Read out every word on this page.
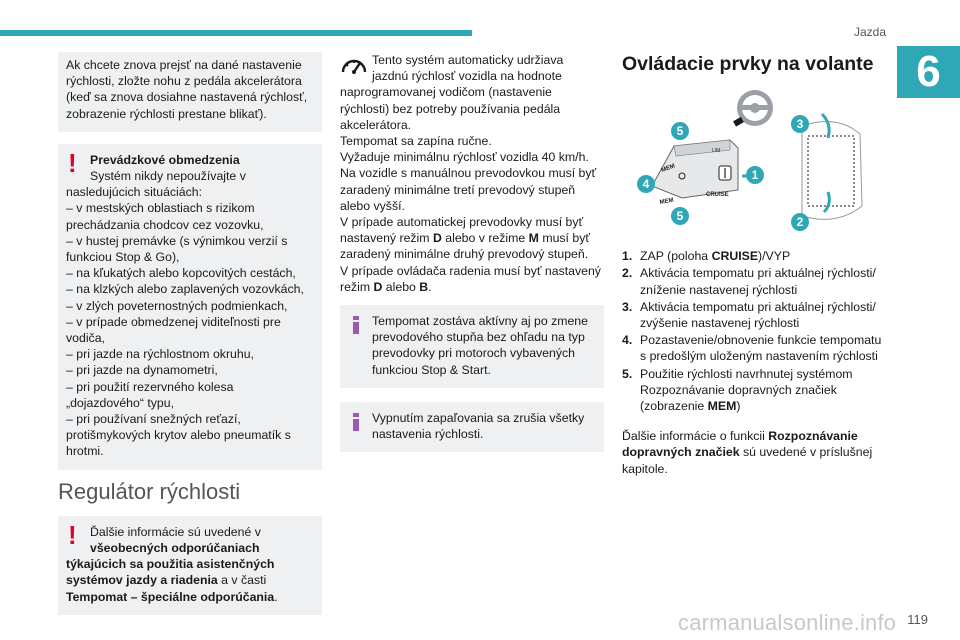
Jazda
6
Ak chcete znova prejsť na dané nastavenie rýchlosti, zložte nohu z pedála akcelerátora (keď sa znova dosiahne nastavená rýchlosť, zobrazenie rýchlosti prestane blikať).
! Prevádzkové obmedzenia
Systém nikdy nepoužívajte v
nasledujúcich situáciách:
– v mestských oblastiach s rizikom prechádzania chodcov cez vozovku,
– v hustej premávke (s výnimkou verzií s funkciou Stop & Go),
– na kľukatých alebo kopcovitých cestách,
– na klzkých alebo zaplavených vozovkách,
– v zlých poveternostných podmienkach,
– v prípade obmedzenej viditeľnosti pre vodiča,
– pri jazde na rýchlostnom okruhu,
– pri jazde na dynamometri,
– pri použití rezervného kolesa „dojazdového“ typu,
– pri používaní snežných reťazí, protišmykových krytov alebo pneumatík s hrotmi.
Regulátor rýchlosti
! Ďalšie informácie sú uvedené v
všeobecných odporúčaniach
týkajúcich sa použitia asistenčných systémov jazdy a riadenia a v časti Tempomat – špeciálne odporúčania.
Tento systém automaticky udržiava
jazdnú rýchlosť vozidla na hodnote
naprogramovanej vodičom (nastavenie rýchlosti) bez potreby používania pedála akcelerátora.
Tempomat sa zapína ručne.
Vyžaduje minimálnu rýchlosť vozidla 40 km/h.
Na vozidle s manuálnou prevodovkou musí byť zaradený minimálne tretí prevodový stupeň alebo vyšší.
V prípade automatickej prevodovky musí byť nastavený režim D alebo v režime M musí byť zaradený minimálne druhý prevodový stupeň.
V prípade ovládača radenia musí byť nastavený režim D alebo B.
Tempomat zostáva aktívny aj po zmene
prevodového stupňa bez ohľadu na typ prevodovky pri motoroch vybavených funkciou Stop & Start.
Vypnutím zapaľovania sa zrušia všetky nastavenia rýchlosti.
Ovládacie prvky na volante
MEM
MEM
CRUISE
LIM
5
4
5
1
3
2
1. ZAP (poloha CRUISE)/VYP
2. Aktivácia tempomatu pri aktuálnej rýchlosti/ zníženie nastavenej rýchlosti
3. Aktivácia tempomatu pri aktuálnej rýchlosti/ zvýšenie nastavenej rýchlosti
4. Pozastavenie/obnovenie funkcie tempomatu s predošlým uloženým nastavením rýchlosti
5. Použitie rýchlosti navrhnutej systémom Rozpoznávanie dopravných značiek (zobrazenie MEM)

Ďalšie informácie o funkcii Rozpoznávanie dopravných značiek sú uvedené v príslušnej kapitole.

carmanualsonline.info 119
